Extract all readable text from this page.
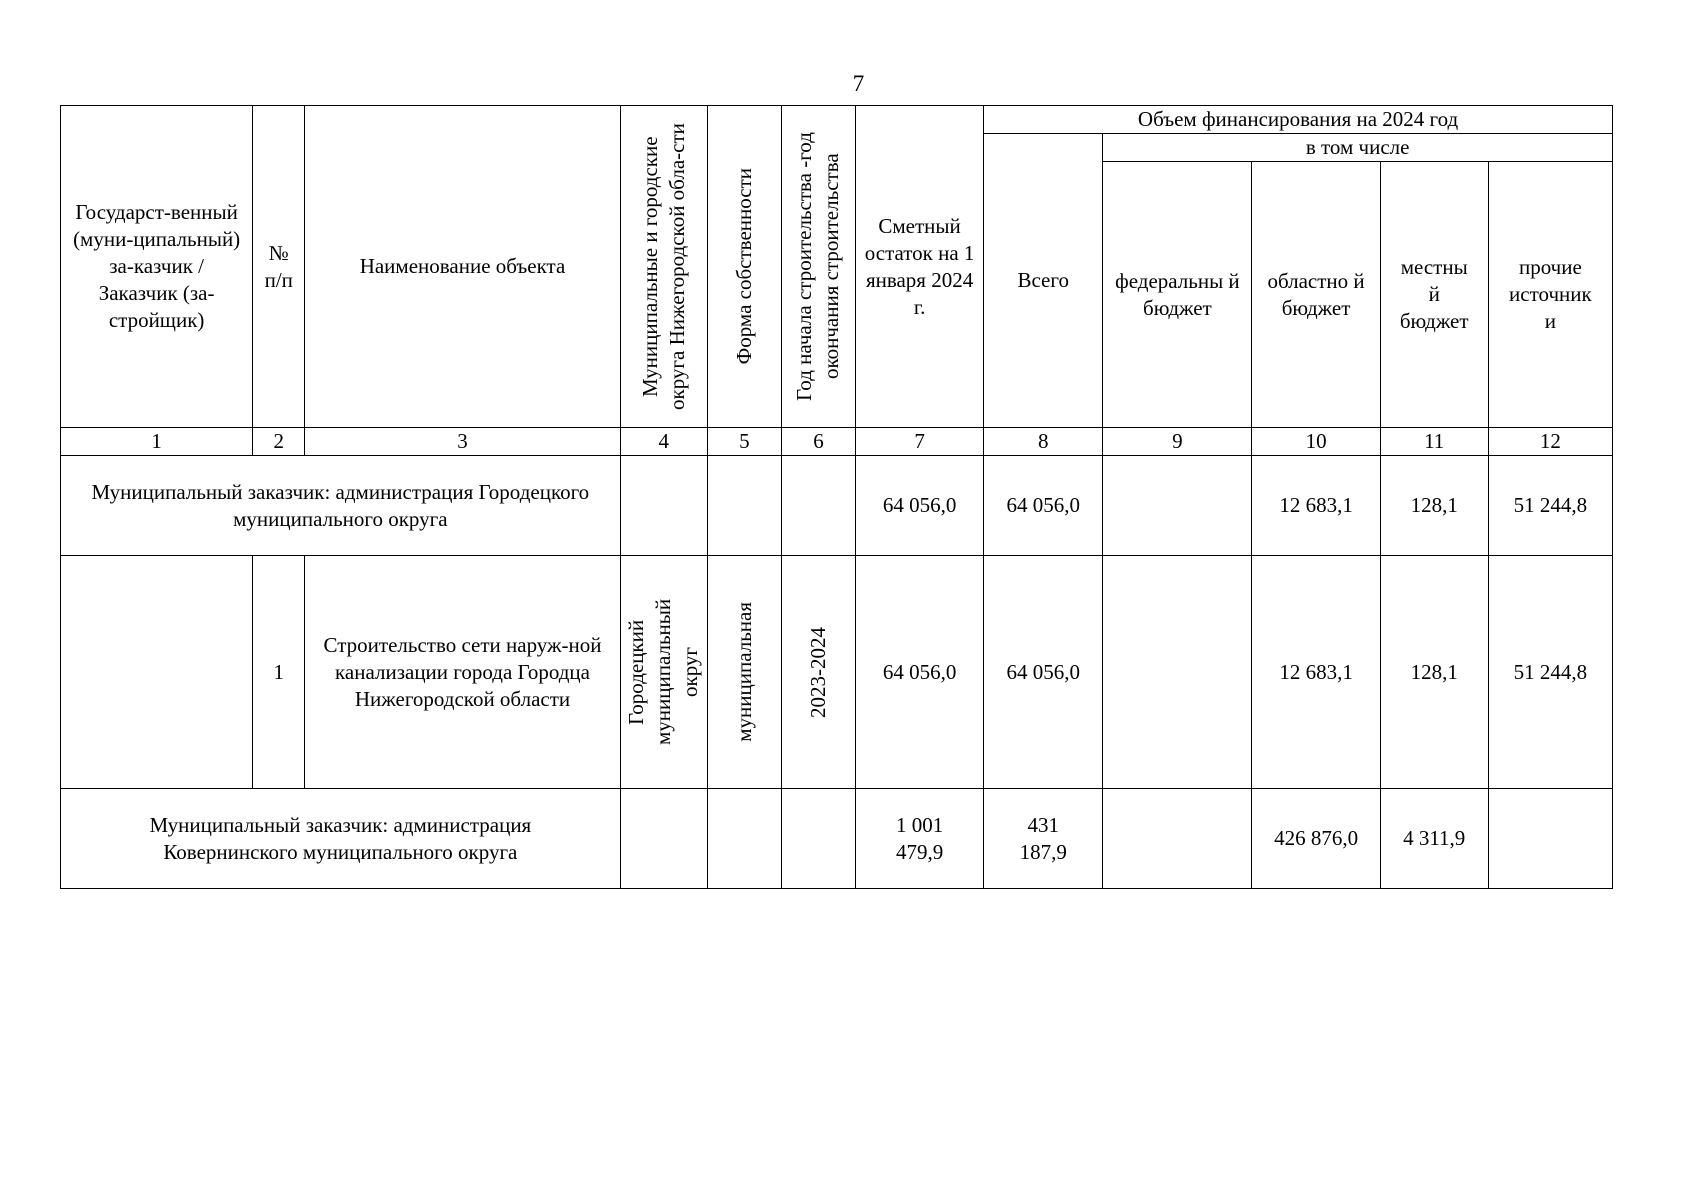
7
Государст-венный (муни-ципальный) за-казчик / Заказчик (за-стройщик)	№ п/п	Наименование объекта	Муниципальные и городские округа Нижегородской обла-сти	Форма собственности	Год начала строительства -год окончания строительства	Сметный остаток на 1 января 2024 г.	Объем финансирования на 2024 год				
							Всего	в том числе			

								федеральны й бюджет	областно й бюджет	местны й бюджет	прочие источник и

1	2	3	4	5	6	7	8	9	10	11	12

Муниципальный заказчик: администрация Городецкого муниципального округа						64 056,0	64 056,0		12 683,1	128,1	51 244,8
	1	Строительство сети наруж-ной канализации города Городца Нижегородской области	Городецкий муниципальный округ	муниципальная	2023-2024	64 056,0	64 056,0		12 683,1	128,1	51 244,8

Муниципальный заказчик: администрация Ковернинского муниципального округа						1 001 479,9	431 187,9		426 876,0	4 311,9	
